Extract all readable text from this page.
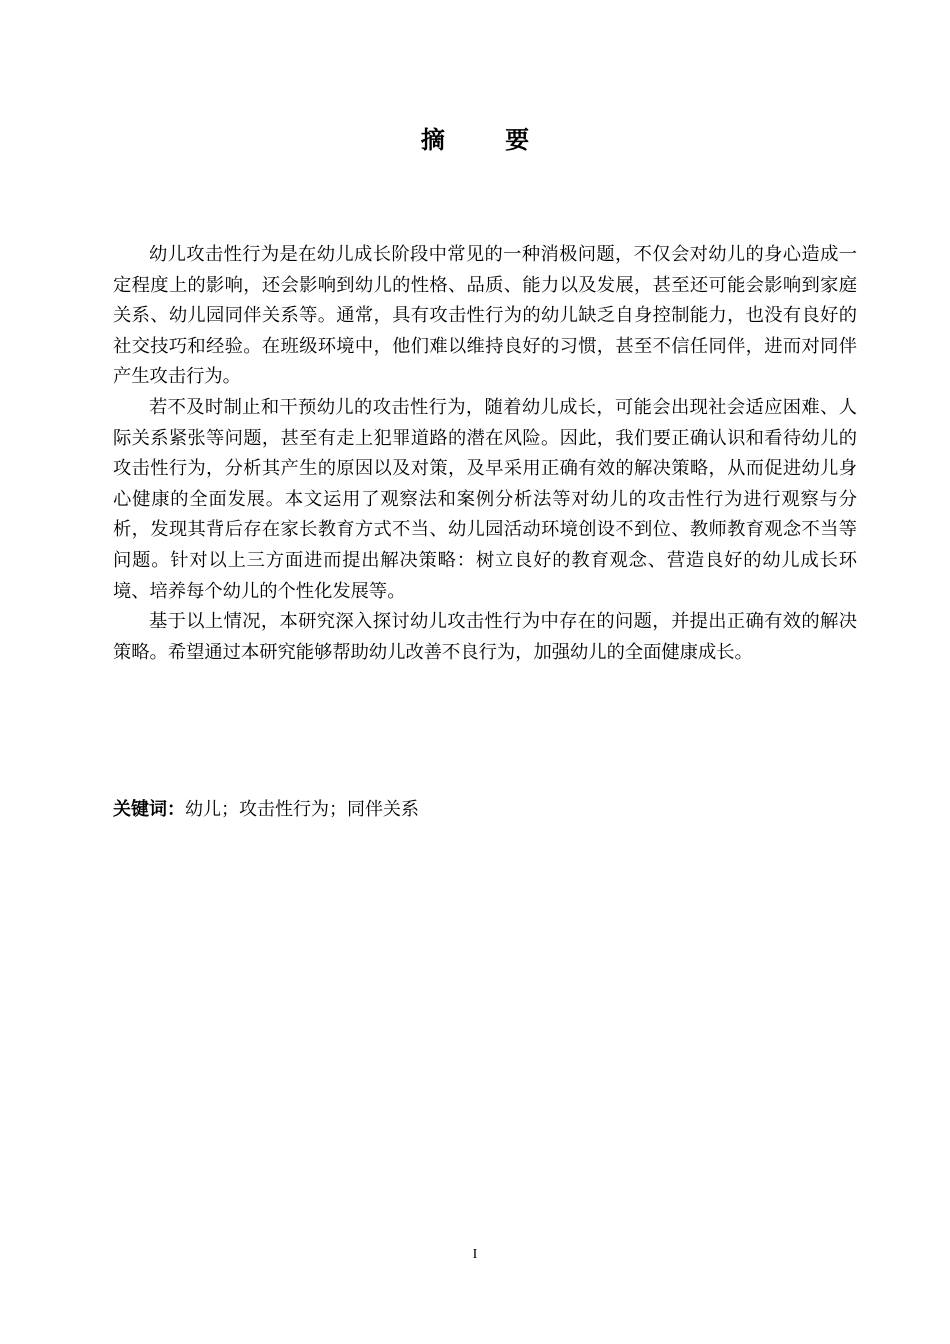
摘 要

幼儿攻击性行为是在幼儿成长阶段中常见的一种消极问题，不仅会对幼儿的身心造成一定程度上的影响，还会影响到幼儿的性格、品质、能力以及发展，甚至还可能会影响到家庭关系、幼儿园同伴关系等。通常，具有攻击性行为的幼儿缺乏自身控制能力，也没有良好的社交技巧和经验。在班级环境中，他们难以维持良好的习惯，甚至不信任同伴，进而对同伴产生攻击行为。

若不及时制止和干预幼儿的攻击性行为，随着幼儿成长，可能会出现社会适应困难、人际关系紧张等问题，甚至有走上犯罪道路的潜在风险。因此，我们要正确认识和看待幼儿的攻击性行为，分析其产生的原因以及对策，及早采用正确有效的解决策略，从而促进幼儿身心健康的全面发展。本文运用了观察法和案例分析法等对幼儿的攻击性行为进行观察与分析，发现其背后存在家长教育方式不当、幼儿园活动环境创设不到位、教师教育观念不当等问题。针对以上三方面进而提出解决策略：树立良好的教育观念、营造良好的幼儿成长环境、培养每个幼儿的个性化发展等。

基于以上情况，本研究深入探讨幼儿攻击性行为中存在的问题，并提出正确有效的解决策略。希望通过本研究能够帮助幼儿改善不良行为，加强幼儿的全面健康成长。

关键词：幼儿；攻击性行为；同伴关系
I
